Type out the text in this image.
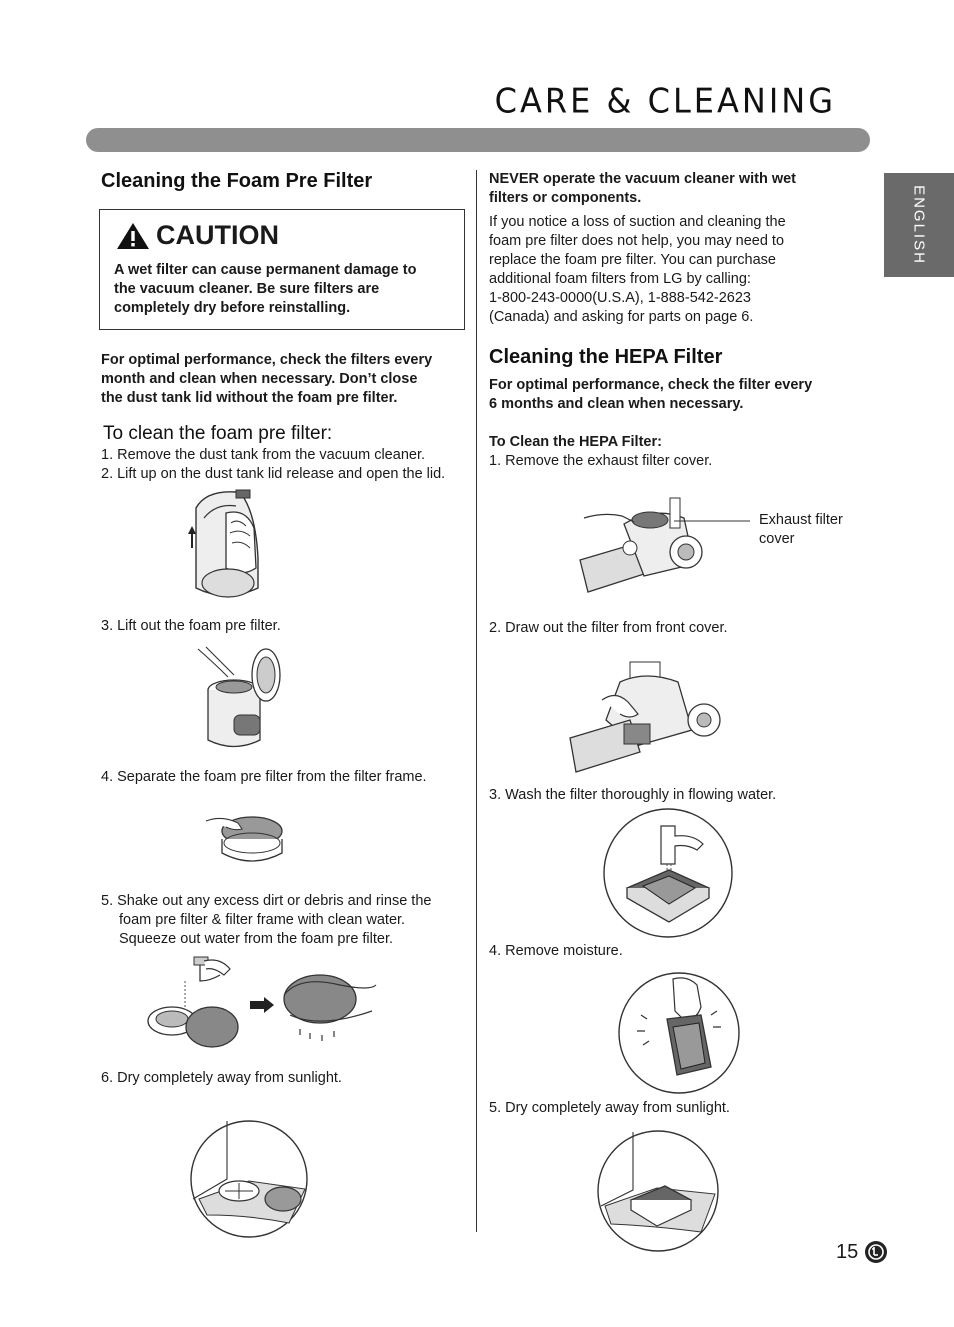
CARE & CLEANING
ENGLISH
Cleaning the Foam Pre Filter
CAUTION
A wet filter can cause permanent damage to
the vacuum cleaner. Be sure filters are
completely dry before reinstalling.
For optimal performance, check the filters every
month and clean when necessary. Don’t close
the dust tank lid without the foam pre filter.
To clean the foam pre filter:
1. Remove the dust tank from the vacuum cleaner.
2. Lift up on the dust tank lid release and open the lid.
3. Lift out the foam pre filter.
4. Separate the foam pre filter from the filter frame.
5. Shake out any excess dirt or debris and rinse the
foam pre filter & filter frame with clean water.
Squeeze out water from the foam pre filter.
6. Dry completely away from sunlight.
NEVER operate the vacuum cleaner with wet
filters or components.
If you notice a loss of suction and cleaning the
foam pre filter does not help, you may need to
replace the foam pre filter. You can purchase
additional foam filters from LG by calling:
1-800-243-0000(U.S.A), 1-888-542-2623
(Canada) and asking for parts on page 6.
Cleaning the HEPA Filter
For optimal performance, check the filter every
6 months and clean when necessary.
To Clean the HEPA Filter:
1. Remove the exhaust filter cover.
Exhaust filter
cover
2. Draw out the filter from front cover.
3. Wash the filter thoroughly in flowing water.
4. Remove moisture.
5. Dry completely away from sunlight.
15
